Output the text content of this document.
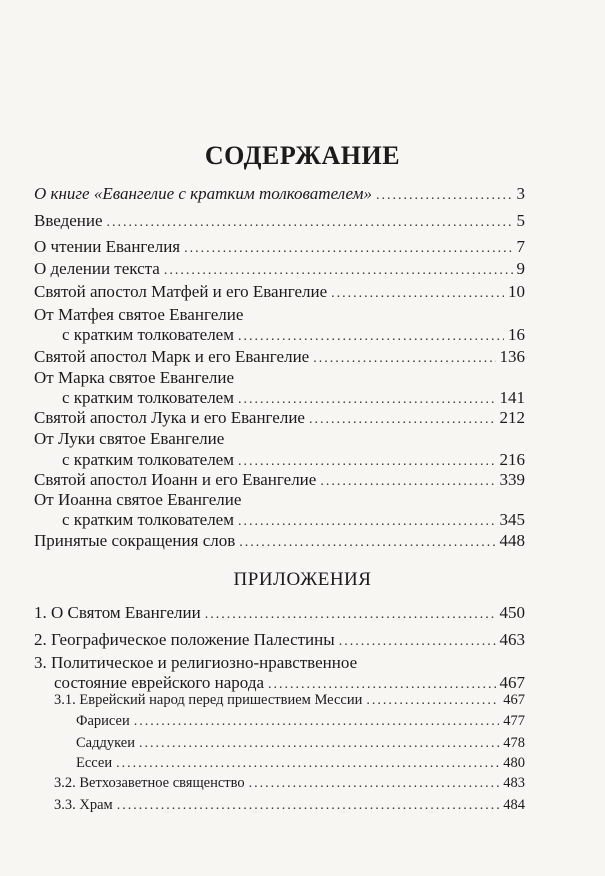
СОДЕРЖАНИЕ
О книге «Евангелие с кратким толкователем» .....	3
Введение .....	5
О чтении Евангелия .....	7
О делении текста .....	9
Святой апостол Матфей и его Евангелие .....	10
От Матфея святое Евангелие
с кратким толкователем .....	16
Святой апостол Марк и его Евангелие .....	136
От Марка святое Евангелие
с кратким толкователем .....	141
Святой апостол Лука и его Евангелие .....	212
От Луки святое Евангелие
с кратким толкователем .....	216
Святой апостол Иоанн и его Евангелие .....	339
От Иоанна святое Евангелие
с кратким толкователем .....	345
Принятые сокращения слов .....	448
ПРИЛОЖЕНИЯ
1. О Святом Евангелии .....	450
2. Географическое положение Палестины .....	463
3. Политическое и религиозно-нравственное
состояние еврейского народа .....	467
3.1. Еврейский народ перед пришествием Мессии .....	467
Фарисеи .....	477
Саддукеи .....	478
Ессеи .....	480
3.2. Ветхозаветное священство .....	483
3.3. Храм .....	484
